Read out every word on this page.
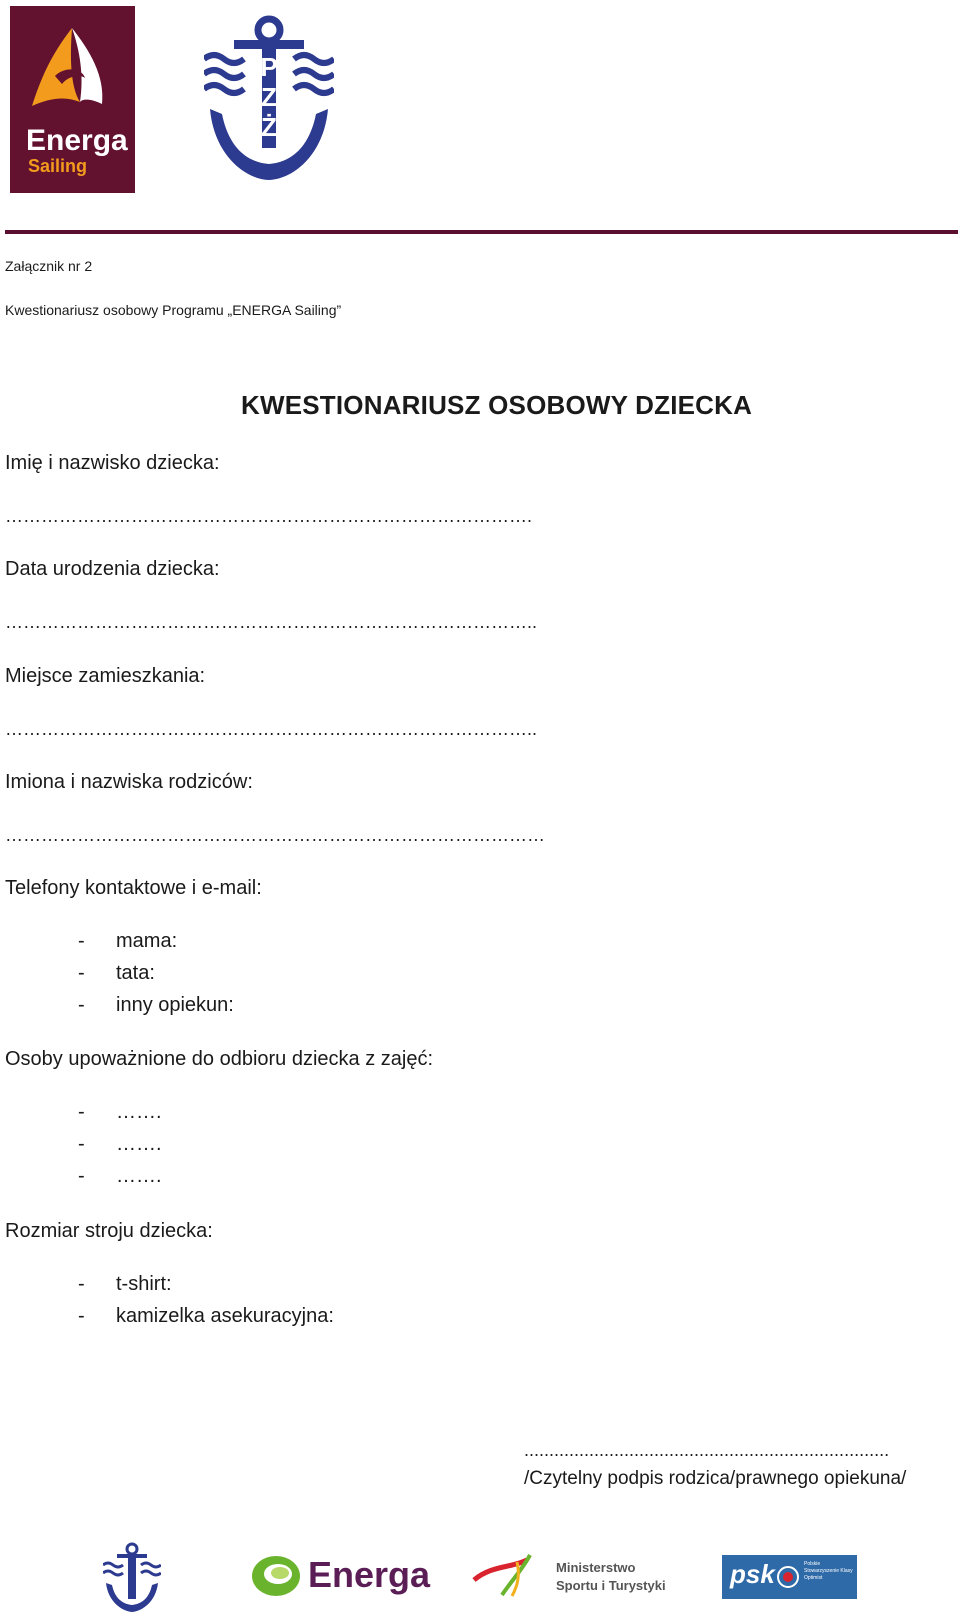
Energa
Sailing
P
Z
Ż
Załącznik nr 2
Kwestionariusz osobowy Programu „ENERGA Sailing”
KWESTIONARIUSZ OSOBOWY DZIECKA
Imię i nazwisko dziecka:
…………………………………………………………………………….
Data urodzenia dziecka:
……………………………………………………………………………..
Miejsce zamieszkania:
……………………………………………………………………………..
Imiona i nazwiska rodziców:
………………………………………………………………………………
Telefony kontaktowe i e-mail:
- mama:
- tata:
- inny opiekun:
Osoby upoważnione do odbioru dziecka z zajęć:
- …….
- …….
- …….
Rozmiar stroju dziecka:
- t-shirt:
- kamizelka asekuracyjna:
.........................................................................
/Czytelny podpis rodzica/prawnego opiekuna/
Energa	Ministerstwo
Sportu i Turystyki psk	Polskie Stowarzyszenie Klasy Optimist
